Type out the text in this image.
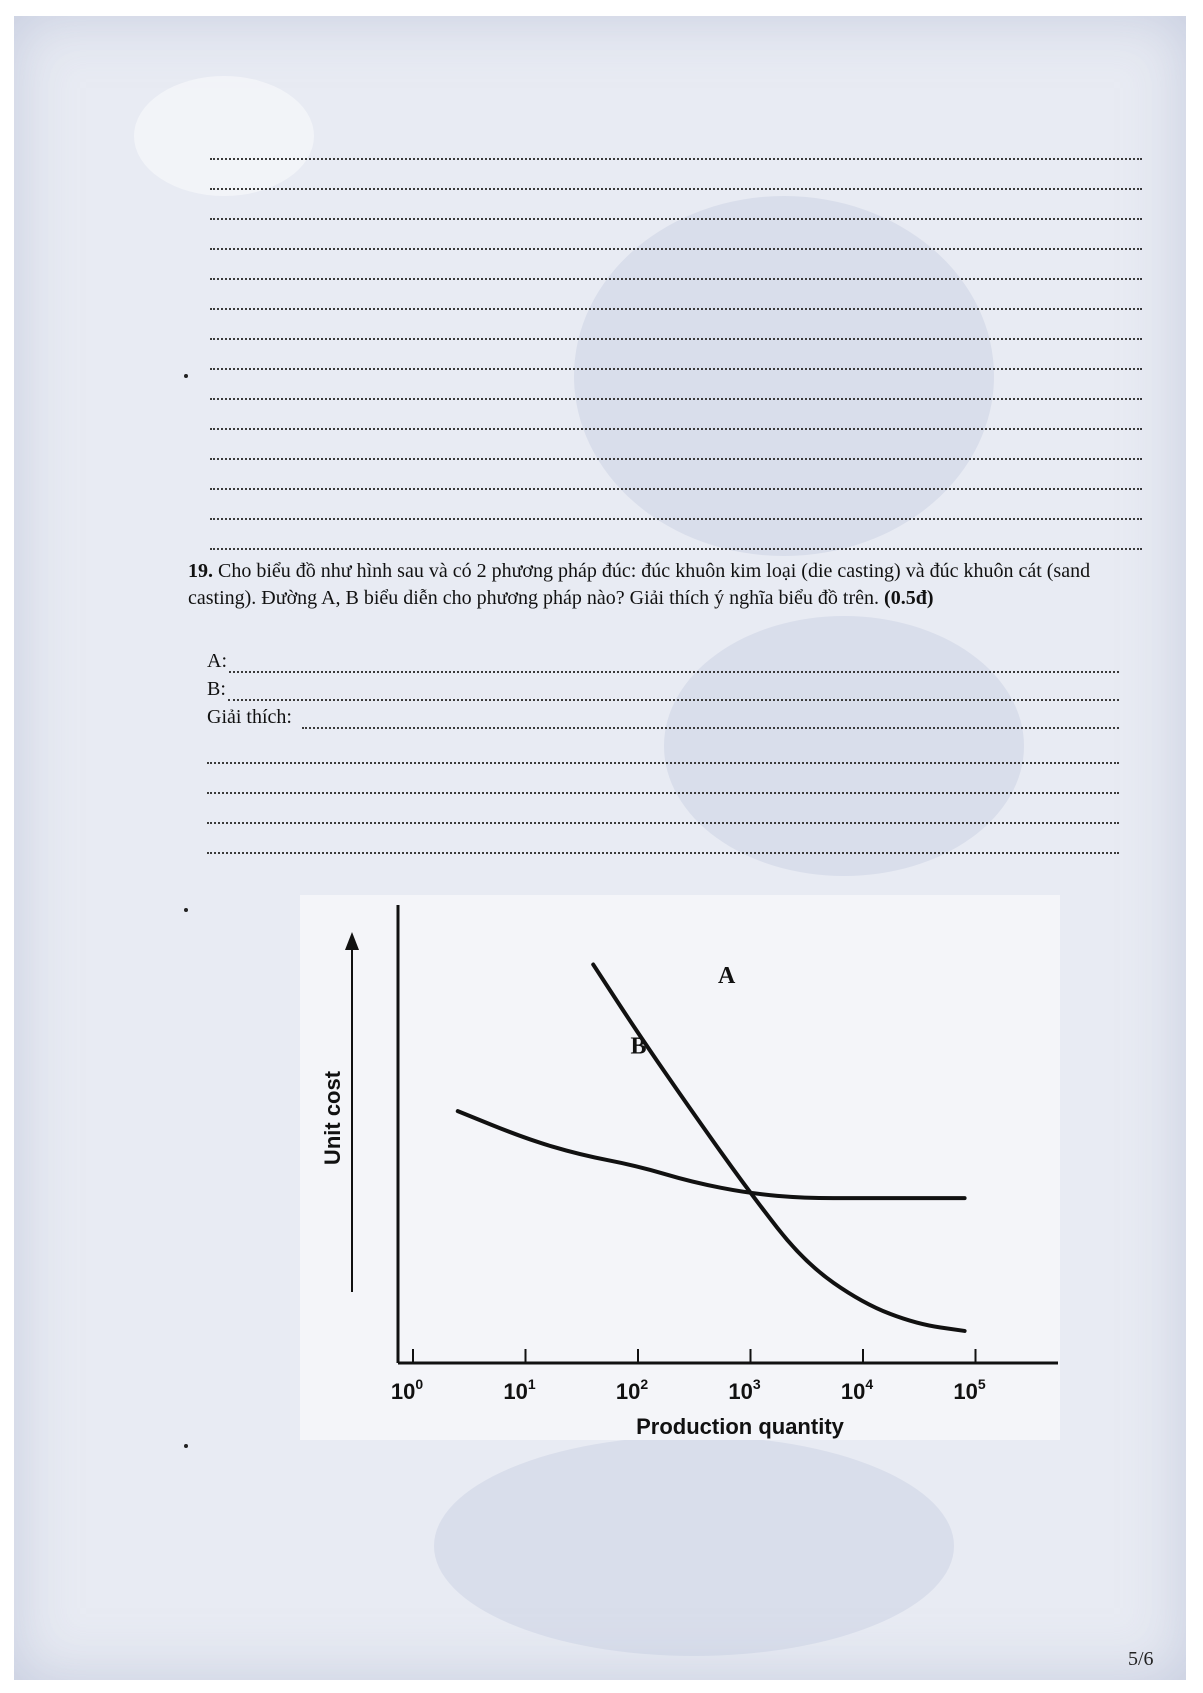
19. Cho biểu đồ như hình sau và có 2 phương pháp đúc: đúc khuôn kim loại (die casting) và đúc khuôn cát (sand casting). Đường A, B biểu diễn cho phương pháp nào? Giải thích ý nghĩa biểu đồ trên. (0.5đ)
A:
B:
Giải thích:
Unit cost
Production quantity
$10^0$	$10^1$	$10^2$	$10^3$	$10^4$	$10^5$
A
B
5/6
